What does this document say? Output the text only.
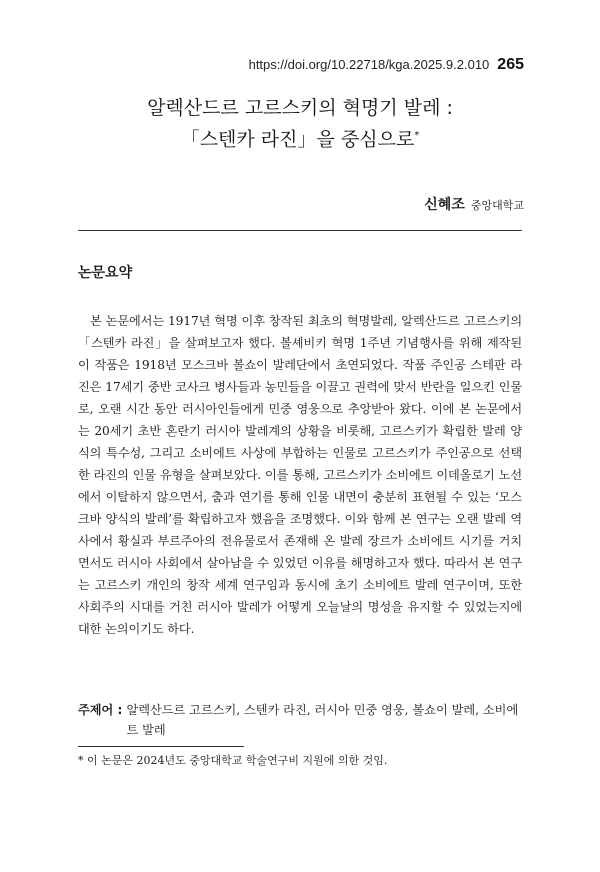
https://doi.org/10.22718/kga.2025.9.2.010 265
알렉산드르 고르스키의 혁명기 발레 :
「스텐카 라진」을 중심으로*
신혜조 중앙대학교
논문요약

본 논문에서는 1917년 혁명 이후 창작된 최초의 혁명발레, 알렉산드르 고르스키의 「스텐카 라진」을 살펴보고자 했다. 볼셰비키 혁명 1주년 기념행사를 위해 제작된 이 작품은 1918년 모스크바 볼쇼이 발레단에서 초연되었다. 작품 주인공 스테판 라진은 17세기 중반 코사크 병사들과 농민들을 이끌고 권력에 맞서 반란을 일으킨 인물로, 오랜 시간 동안 러시아인들에게 민중 영웅으로 추앙받아 왔다. 이에 본 논문에서는 20세기 초반 혼란기 러시아 발레계의 상황을 비롯해, 고르스키가 확립한 발레 양식의 특수성, 그리고 소비에트 사상에 부합하는 인물로 고르스키가 주인공으로 선택한 라진의 인물 유형을 살펴보았다. 이를 통해, 고르스키가 소비에트 이데올로기 노선에서 이탈하지 않으면서, 춤과 연기를 통해 인물 내면이 충분히 표현될 수 있는 ‘모스크바 양식의 발레’를 확립하고자 했음을 조명했다. 이와 함께 본 연구는 오랜 발레 역사에서 황실과 부르주아의 전유물로서 존재해 온 발레 장르가 소비에트 시기를 거치면서도 러시아 사회에서 살아남을 수 있었던 이유를 해명하고자 했다. 따라서 본 연구는 고르스키 개인의 창작 세계 연구임과 동시에 초기 소비에트 발레 연구이며, 또한 사회주의 시대를 거친 러시아 발레가 어떻게 오늘날의 명성을 유지할 수 있었는지에 대한 논의이기도 하다.

주제어 : 알렉산드르 고르스키, 스텐카 라진, 러시아 민중 영웅, 볼쇼이 발레, 소비에트 발레
* 이 논문은 2024년도 중앙대학교 학술연구비 지원에 의한 것임.
